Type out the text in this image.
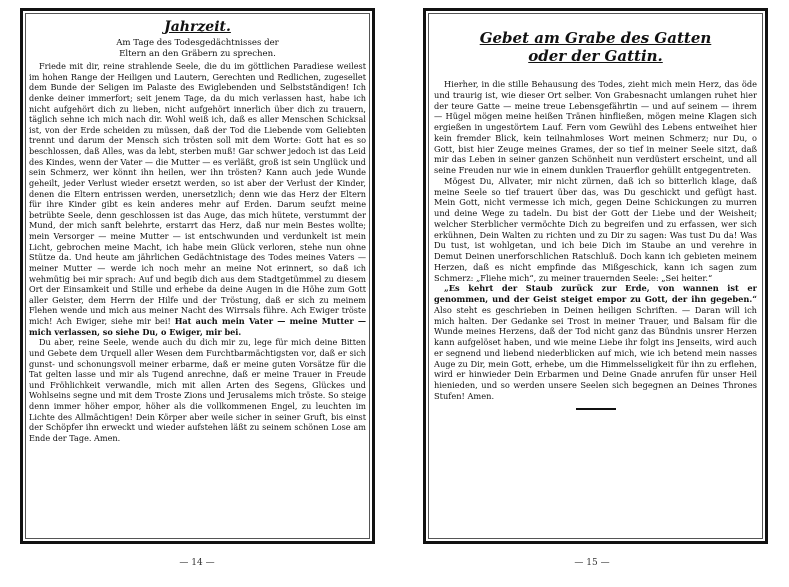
Jahrzeit.
Am Tage des Todesgedächtnisses der
Eltern an den Gräbern zu sprechen.

Friede mit dir, reine strahlende Seele, die du im göttlichen Paradiese weilest im hohen Range der Heiligen und Lautern, Gerechten und Redlichen, zugesellet dem Bunde der Seligen im Palaste des Ewiglebenden und Selbstständigen! Ich denke deiner immerfort; seit jenem Tage, da du mich verlassen hast, habe ich nicht aufgehört dich zu lieben, nicht aufgehört innerlich über dich zu trauern, täglich sehne ich mich nach dir. Wohl weiß ich, daß es aller Menschen Schicksal ist, von der Erde scheiden zu müssen, daß der Tod die Liebende vom Geliebten trennt und darum der Mensch sich trösten soll mit dem Worte: Gott hat es so beschlossen, daß Alles, was da lebt, sterben muß! Gar schwer jedoch ist das Leid des Kindes, wenn der Vater — die Mutter — es verläßt, groß ist sein Unglück und sein Schmerz, wer könnt ihn heilen, wer ihn trösten? Kann auch jede Wunde geheilt, jeder Verlust wieder ersetzt werden, so ist aber der Verlust der Kinder, denen die Eltern entrissen werden, unersetzlich; denn wie das Herz der Eltern für ihre Kinder gibt es kein anderes mehr auf Erden. Darum seufzt meine betrübte Seele, denn geschlossen ist das Auge, das mich hütete, verstummt der Mund, der mich sanft belehrte, erstarrt das Herz, daß nur mein Bestes wollte; mein Versorger — meine Mutter — ist entschwunden und verdunkelt ist mein Licht, gebrochen meine Macht, ich habe mein Glück verloren, stehe nun ohne Stütze da. Und heute am jährlichen Gedächtnistage des Todes meines Vaters — meiner Mutter — werde ich noch mehr an meine Not erinnert, so daß ich wehmütig bei mir sprach: Auf und begib dich aus dem Stadtgetümmel zu diesem Ort der Einsamkeit und Stille und erhebe da deine Augen in die Höhe zum Gott aller Geister, dem Herrn der Hilfe und der Tröstung, daß er sich zu meinem Flehen wende und mich aus meiner Nacht des Wirrsals führe. Ach Ewiger tröste mich! Ach Ewiger, siehe mir bei! Hat auch mein Vater — meine Mutter — mich verlassen, so siehe Du, o Ewiger, mir bei.

Du aber, reine Seele, wende auch du dich mir zu, lege für mich deine Bitten und Gebete dem Urquell aller Wesen dem Furchtbarmächtigsten vor, daß er sich gunst- und schonungsvoll meiner erbarme, daß er meine guten Vorsätze für die Tat gelten lasse und mir als Tugend anrechne, daß er meine Trauer in Freude und Fröhlichkeit verwandle, mich mit allen Arten des Segens, Glückes und Wohlseins segne und mit dem Troste Zions und Jerusalems mich tröste. So steige denn immer höher empor, höher als die vollkommenen Engel, zu leuchten im Lichte des Allmächtigen! Dein Körper aber weile sicher in seiner Gruft, bis einst der Schöpfer ihn erweckt und wieder aufstehen läßt zu seinem schönen Lose am Ende der Tage. Amen.

— 14 —
Gebet am Grabe des Gatten
oder der Gattin.

Hierher, in die stille Behausung des Todes, zieht mich mein Herz, das öde und traurig ist, wie dieser Ort selber. Von Grabesnacht umlangen ruhet hier der teure Gatte — meine treue Lebensgefährtin — und auf seinem — ihrem — Hügel mögen meine heißen Tränen hinfließen, mögen meine Klagen sich ergießen in ungestörtem Lauf. Fern vom Gewühl des Lebens entweihet hier kein fremder Blick, kein teilnahmloses Wort meinen Schmerz; nur Du, o Gott, bist hier Zeuge meines Grames, der so tief in meiner Seele sitzt, daß mir das Leben in seiner ganzen Schönheit nun verdüstert erscheint, und all seine Freuden nur wie in einem dunklen Trauerflor gehüllt entgegentreten.

Mögest Du, Allvater, mir nicht zürnen, daß ich so bitterlich klage, daß meine Seele so tief trauert über das, was Du geschickt und gefügt hast. Mein Gott, nicht vermesse ich mich, gegen Deine Schickungen zu murren und deine Wege zu tadeln. Du bist der Gott der Liebe und der Weisheit; welcher Sterblicher vermöchte Dich zu begreifen und zu erfassen, wer sich erkühnen, Dein Walten zu richten und zu Dir zu sagen: Was tust Du da! Was Du tust, ist wohlgetan, und ich beie Dich im Staube an und verehre in Demut Deinen unerforschlichen Ratschluß. Doch kann ich gebieten meinem Herzen, daß es nicht empfinde das Mißgeschick, kann ich sagen zum Schmerz: „Fliehe mich“, zu meiner trauernden Seele: „Sei heiter.“

„Es kehrt der Staub zurück zur Erde, von wannen ist er genommen, und der Geist steiget empor zu Gott, der ihn gegeben.“ Also steht es geschrieben in Deinen heiligen Schriften. — Daran will ich mich halten. Der Gedanke sei Trost in meiner Trauer, und Balsam für die Wunde meines Herzens, daß der Tod nicht ganz das Bündnis unsrer Herzen kann aufgelöset haben, und wie meine Liebe ihr folgt ins Jenseits, wird auch er segnend und liebend niederblicken auf mich, wie ich betend mein nasses Auge zu Dir, mein Gott, erhebe, um die Himmelsseligkeit für ihn zu erflehen, wird er hinwieder Dein Erbarmen und Deine Gnade anrufen für unser Heil hienieden, und so werden unsere Seelen sich begegnen an Deines Thrones Stufen! Amen.

— 15 —
